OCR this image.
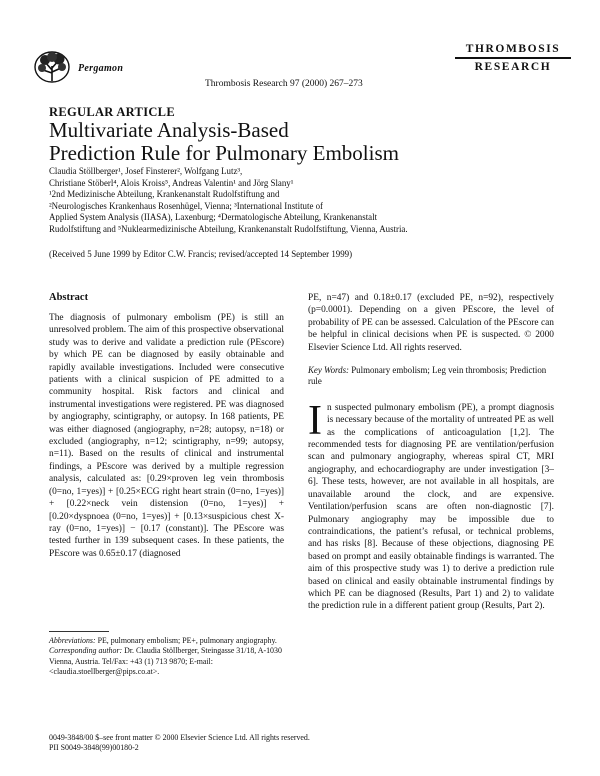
Pergamon
Thrombosis Research 97 (2000) 267–273
THROMBOSIS
RESEARCH
REGULAR ARTICLE
Multivariate Analysis-Based
Prediction Rule for Pulmonary Embolism
Claudia Stöllberger¹, Josef Finsterer², Wolfgang Lutz³,
Christiane Stöberl⁴, Alois Kroiss⁵, Andreas Valentin¹ and Jörg Slany¹
¹2nd Medizinische Abteilung, Krankenanstalt Rudolfstiftung and
²Neurologisches Krankenhaus Rosenhügel, Vienna; ³International Institute of
Applied System Analysis (IIASA), Laxenburg; ⁴Dermatologische Abteilung, Krankenanstalt
Rudolfstiftung and ⁵Nuklearmedizinische Abteilung, Krankenanstalt Rudolfstiftung, Vienna, Austria.
(Received 5 June 1999 by Editor C.W. Francis; revised/accepted 14 September 1999)
Abstract
The diagnosis of pulmonary embolism (PE) is still an unresolved problem. The aim of this prospective observational study was to derive and validate a prediction rule (PEscore) by which PE can be diagnosed by easily obtainable and rapidly available investigations. Included were consecutive patients with a clinical suspicion of PE admitted to a community hospital. Risk factors and clinical and instrumental investigations were registered. PE was diagnosed by angiography, scintigraphy, or autopsy. In 168 patients, PE was either diagnosed (angiography, n=28; autopsy, n=18) or excluded (angiography, n=12; scintigraphy, n=99; autopsy, n=11). Based on the results of clinical and instrumental findings, a PEscore was derived by a multiple regression analysis, calculated as: [0.29×proven leg vein thrombosis (0=no, 1=yes)] + [0.25×ECG right heart strain (0=no, 1=yes)] + [0.22×neck vein distension (0=no, 1=yes)] + [0.20×dyspnoea (0=no, 1=yes)] + [0.13×suspicious chest X-ray (0=no, 1=yes)] − [0.17 (constant)]. The PEscore was tested further in 139 subsequent cases. In these patients, the PEscore was 0.65±0.17 (diagnosed
PE, n=47) and 0.18±0.17 (excluded PE, n=92), respectively (p=0.0001). Depending on a given PEscore, the level of probability of PE can be assessed. Calculation of the PEscore can be helpful in clinical decisions when PE is suspected. © 2000 Elsevier Science Ltd. All rights reserved.
Key Words: Pulmonary embolism; Leg vein thrombosis; Prediction rule
In suspected pulmonary embolism (PE), a prompt diagnosis is necessary because of the mortality of untreated PE as well as the complications of anticoagulation [1,2]. The recommended tests for diagnosing PE are ventilation/perfusion scan and pulmonary angiography, whereas spiral CT, MRI angiography, and echocardiography are under investigation [3–6]. These tests, however, are not available in all hospitals, are unavailable around the clock, and are expensive. Ventilation/perfusion scans are often non-diagnostic [7]. Pulmonary angiography may be impossible due to contraindications, the patient’s refusal, or technical problems, and has risks [8]. Because of these objections, diagnosing PE based on prompt and easily obtainable findings is warranted. The aim of this prospective study was 1) to derive a prediction rule based on clinical and easily obtainable instrumental findings by which PE can be diagnosed (Results, Part 1) and 2) to validate the prediction rule in a different patient group (Results, Part 2).
Abbreviations: PE, pulmonary embolism; PE+, pulmonary angiography.
Corresponding author: Dr. Claudia Stöllberger, Steingasse 31/18, A-1030 Vienna, Austria. Tel/Fax: +43 (1) 713 9870; E-mail: <claudia.stoellberger@pips.co.at>.
0049-3848/00 $–see front matter © 2000 Elsevier Science Ltd. All rights reserved.
PII S0049-3848(99)00180-2
